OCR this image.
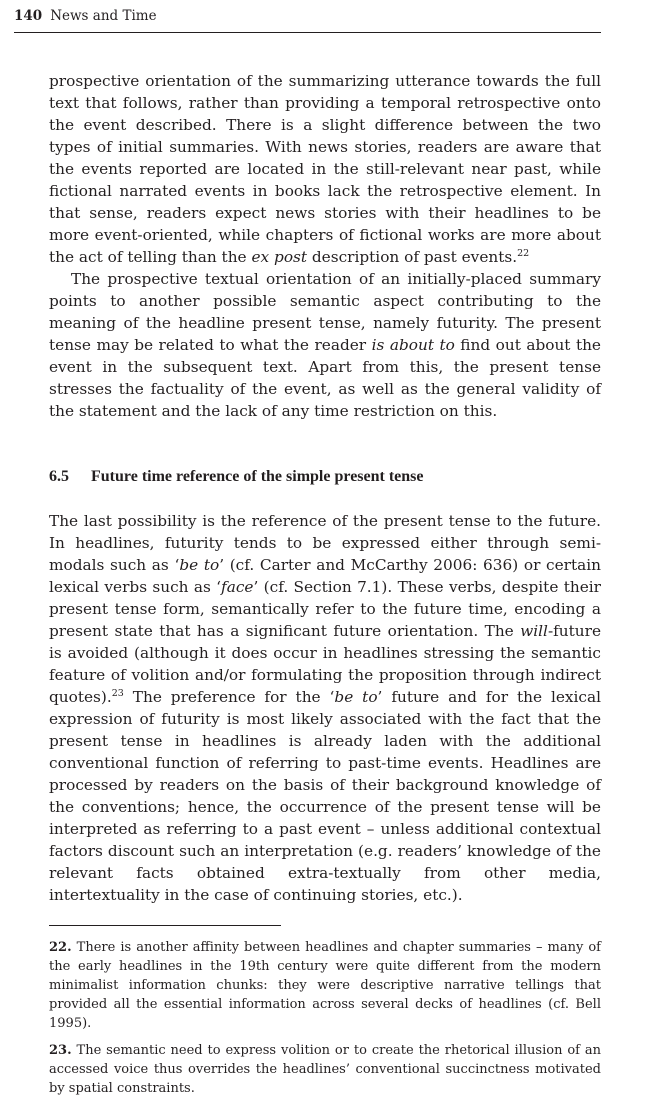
140 News and Time

prospective orientation of the summarizing utterance towards the full text that follows, rather than providing a temporal retrospective onto the event described. There is a slight difference between the two types of initial summaries. With news stories, readers are aware that the events reported are located in the still-relevant near past, while fictional narrated events in books lack the retrospective element. In that sense, readers expect news stories with their headlines to be more event-oriented, while chapters of fictional works are more about the act of telling than the ex post description of past events.$^{22}$

The prospective textual orientation of an initially-placed summary points to another possible semantic aspect contributing to the meaning of the headline present tense, namely futurity. The present tense may be related to what the reader is about to find out about the event in the subsequent text. Apart from this, the present tense stresses the factuality of the event, as well as the general validity of the statement and the lack of any time restriction on this.

6.5 Future time reference of the simple present tense

The last possibility is the reference of the present tense to the future. In headlines, futurity tends to be expressed either through semi-modals such as ‘be to’ (cf. Carter and McCarthy 2006: 636) or certain lexical verbs such as ‘face’ (cf. Section 7.1). These verbs, despite their present tense form, semantically refer to the future time, encoding a present state that has a significant future orientation. The will-future is avoided (although it does occur in headlines stressing the semantic feature of volition and/or formulating the proposition through indirect quotes).$^{23}$ The preference for the ‘be to’ future and for the lexical expression of futurity is most likely associated with the fact that the present tense in headlines is already laden with the additional conventional function of referring to past-time events. Headlines are processed by readers on the basis of their background knowledge of the conventions; hence, the occurrence of the present tense will be interpreted as referring to a past event – unless additional contextual factors discount such an interpretation (e.g. readers’ knowledge of the relevant facts obtained extra-textually from other media, intertextuality in the case of continuing stories, etc.).

22. There is another affinity between headlines and chapter summaries – many of the early headlines in the 19th century were quite different from the modern minimalist information chunks: they were descriptive narrative tellings that provided all the essential information across several decks of headlines (cf. Bell 1995).

23. The semantic need to express volition or to create the rhetorical illusion of an accessed voice thus overrides the headlines’ conventional succinctness motivated by spatial constraints.
